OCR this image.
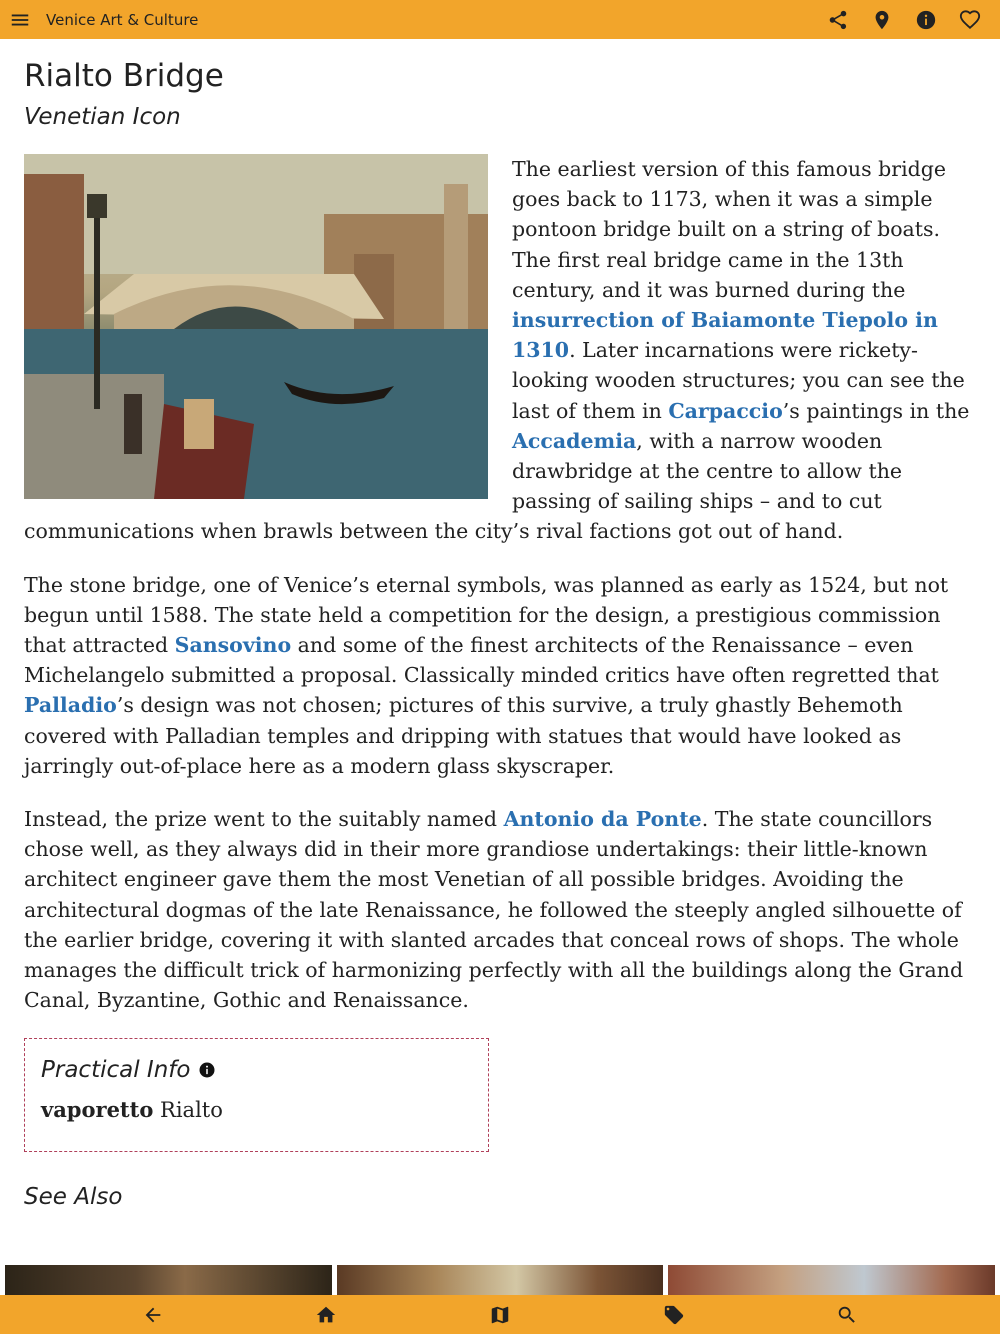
Venice Art & Culture
Rialto Bridge
Venetian Icon

The earliest version of this famous bridge goes back to 1173, when it was a simple pontoon bridge built on a string of boats. The first real bridge came in the 13th century, and it was burned during the insurrection of Baiamonte Tiepolo in 1310. Later incarnations were rickety-looking wooden structures; you can see the last of them in Carpaccio’s paintings in the Accademia, with a narrow wooden drawbridge at the centre to allow the passing of sailing ships – and to cut communications when brawls between the city’s rival factions got out of hand.

The stone bridge, one of Venice’s eternal symbols, was planned as early as 1524, but not begun until 1588. The state held a competition for the design, a prestigious commission that attracted Sansovino and some of the finest architects of the Renaissance – even Michelangelo submitted a proposal. Classically minded critics have often regretted that Palladio’s design was not chosen; pictures of this survive, a truly ghastly Behemoth covered with Palladian temples and dripping with statues that would have looked as jarringly out-of-place here as a modern glass skyscraper.

Instead, the prize went to the suitably named Antonio da Ponte. The state councillors chose well, as they always did in their more grandiose undertakings: their little-known architect engineer gave them the most Venetian of all possible bridges. Avoiding the architectural dogmas of the late Renaissance, he followed the steeply angled silhouette of the earlier bridge, covering it with slanted arcades that conceal rows of shops. The whole manages the difficult trick of harmonizing perfectly with all the buildings along the Grand Canal, Byzantine, Gothic and Renaissance.

Practical Info
vaporetto Rialto
See Also
